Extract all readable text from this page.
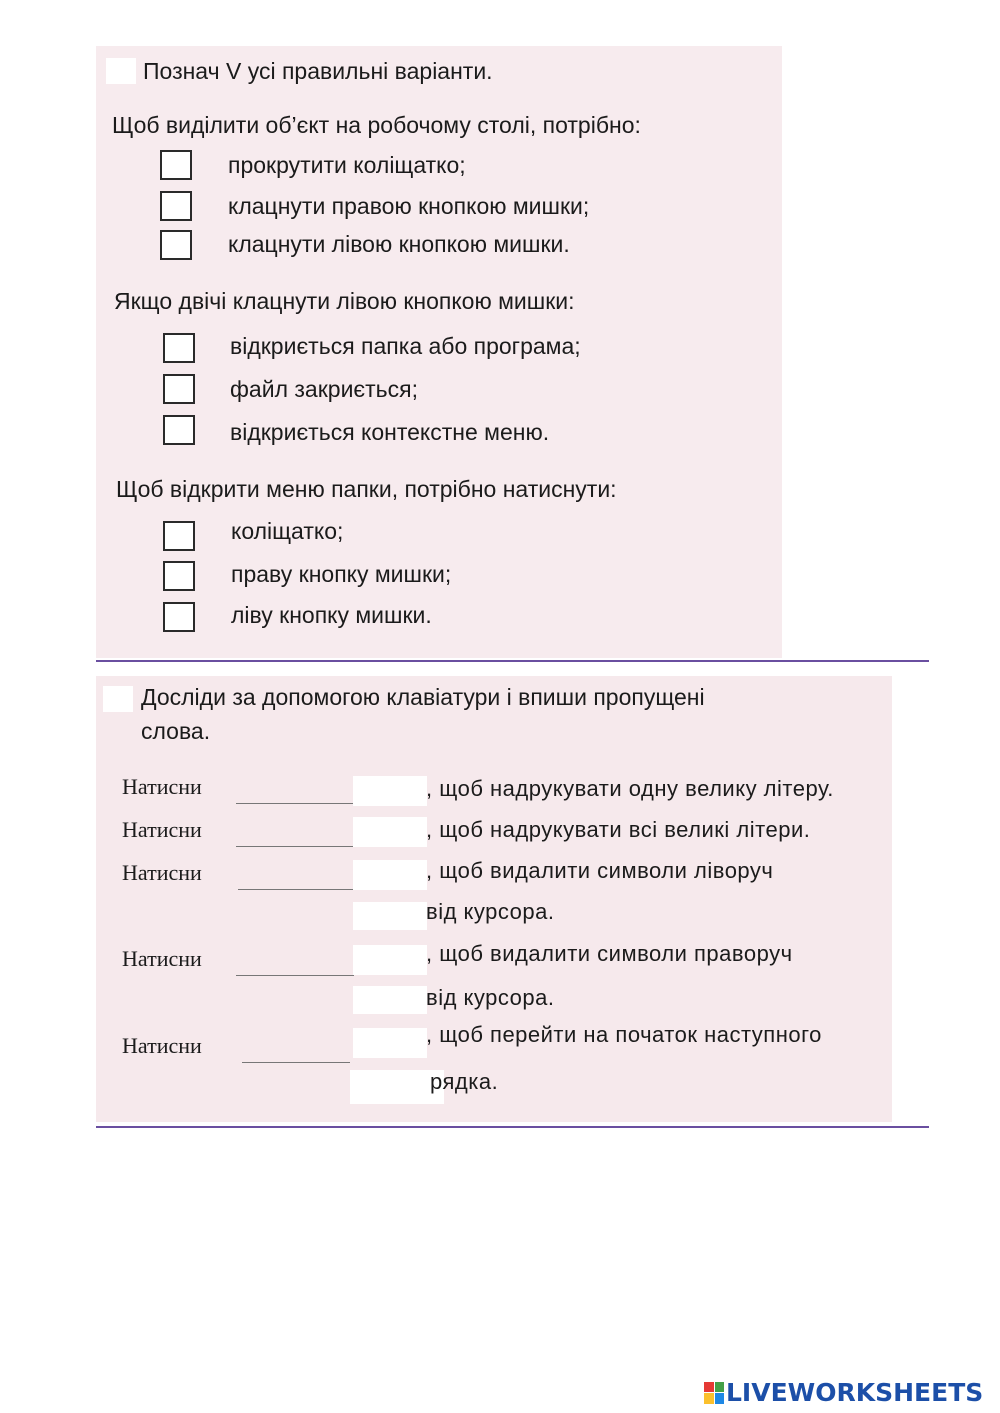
Познач V усі правильні варіанти.
Щоб виділити об’єкт на робочому столі, потрібно:
прокрутити коліщатко;
клацнути правою кнопкою мишки;
клацнути лівою кнопкою мишки.
Якщо двічі клацнути лівою кнопкою мишки:
відкриється папка або програма;
файл закриється;
відкриється контекстне меню.
Щоб відкрити меню папки, потрібно натиснути:
коліщатко;
праву кнопку мишки;
ліву кнопку мишки.
Досліди за допомогою клавіатури і впиши пропущені
слова.
Натисни	, щоб надрукувати одну велику літеру.
Натисни	, щоб надрукувати всі великі літери.
Натисни	, щоб видалити символи ліворуч
від курсора.
Натисни	, щоб видалити символи праворуч
від курсора.
Натисни	, щоб перейти на початок наступного
рядка.
LIVEWORKSHEETS
